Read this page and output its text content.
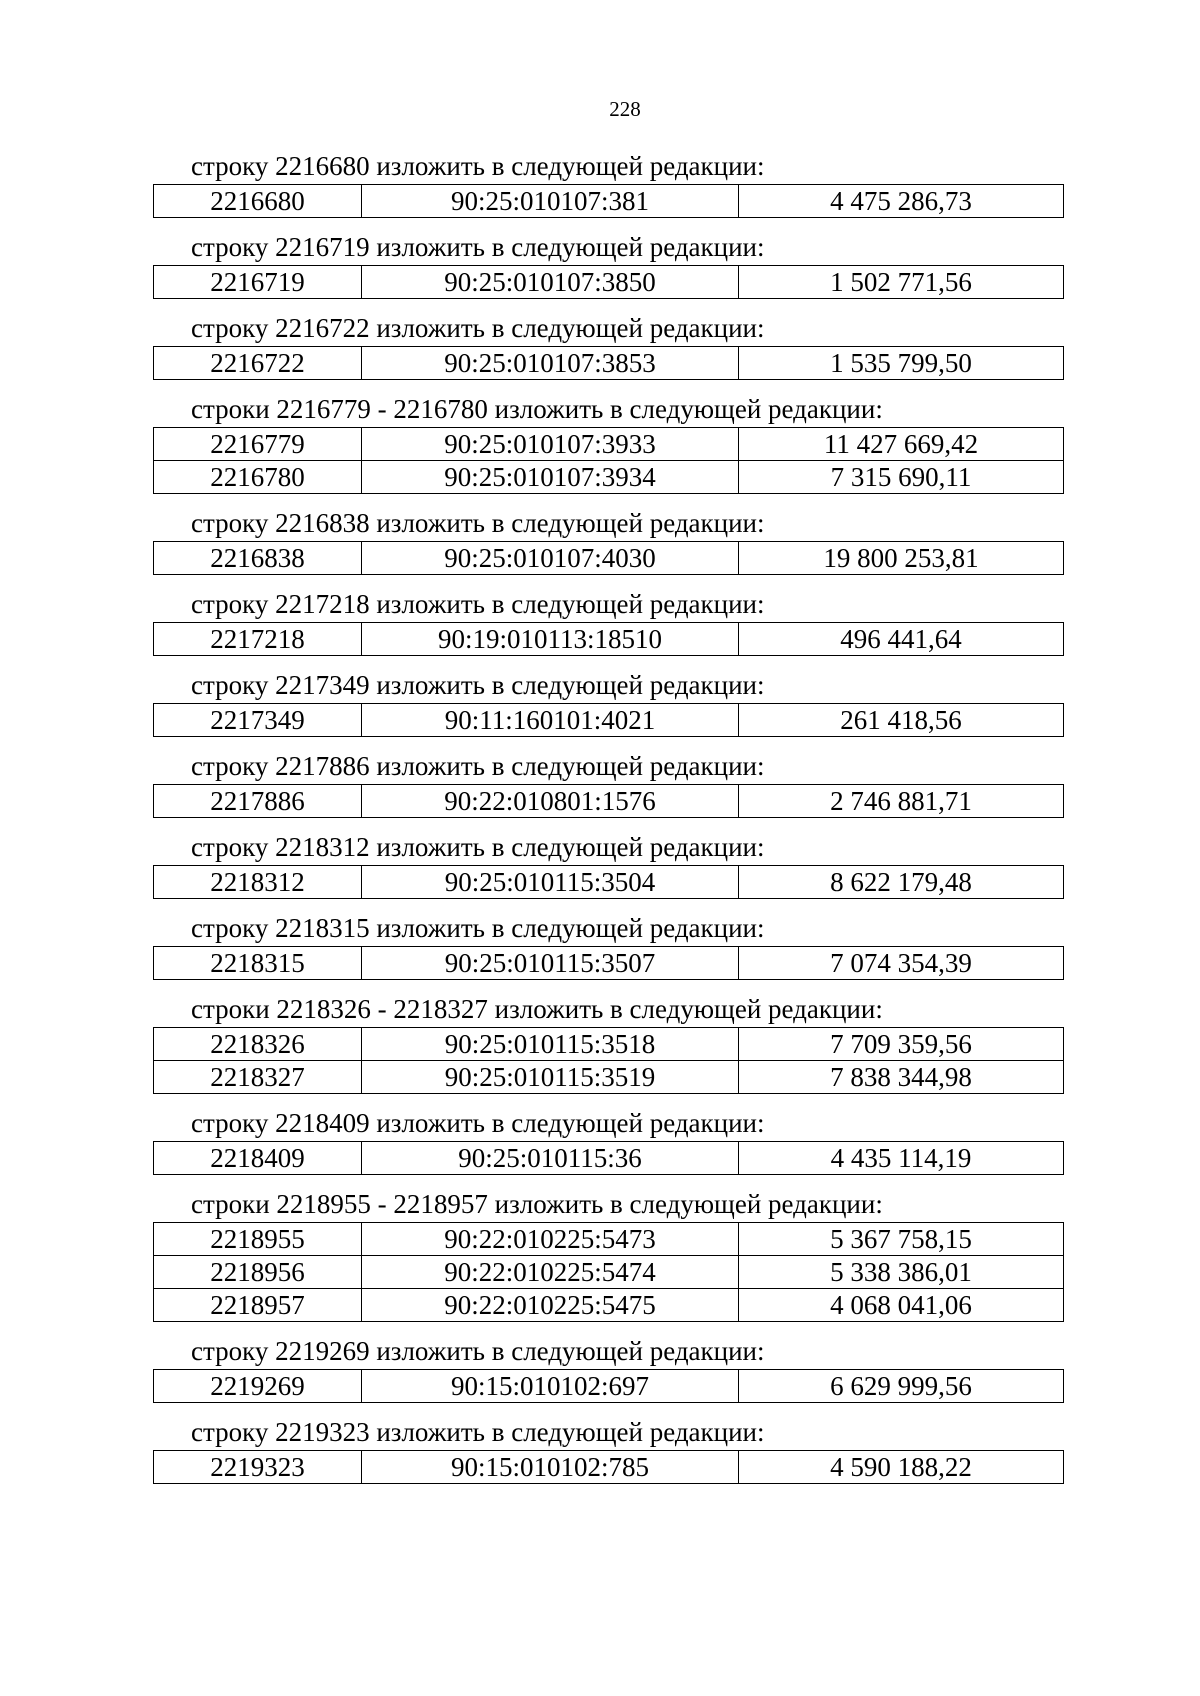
228
строку 2216680 изложить в следующей редакции:
2216680	90:25:010107:381	4 475 286,73
строку 2216719 изложить в следующей редакции:
2216719	90:25:010107:3850	1 502 771,56
строку 2216722 изложить в следующей редакции:
2216722	90:25:010107:3853	1 535 799,50
строки 2216779 - 2216780 изложить в следующей редакции:
2216779	90:25:010107:3933	11 427 669,42
2216780	90:25:010107:3934	7 315 690,11
строку 2216838 изложить в следующей редакции:
2216838	90:25:010107:4030	19 800 253,81
строку 2217218 изложить в следующей редакции:
2217218	90:19:010113:18510	496 441,64
строку 2217349 изложить в следующей редакции:
2217349	90:11:160101:4021	261 418,56
строку 2217886 изложить в следующей редакции:
2217886	90:22:010801:1576	2 746 881,71
строку 2218312 изложить в следующей редакции:
2218312	90:25:010115:3504	8 622 179,48
строку 2218315 изложить в следующей редакции:
2218315	90:25:010115:3507	7 074 354,39
строки 2218326 - 2218327 изложить в следующей редакции:
2218326	90:25:010115:3518	7 709 359,56
2218327	90:25:010115:3519	7 838 344,98
строку 2218409 изложить в следующей редакции:
2218409	90:25:010115:36	4 435 114,19
строки 2218955 - 2218957 изложить в следующей редакции:
2218955	90:22:010225:5473	5 367 758,15
2218956	90:22:010225:5474	5 338 386,01
2218957	90:22:010225:5475	4 068 041,06
строку 2219269 изложить в следующей редакции:
2219269	90:15:010102:697	6 629 999,56
строку 2219323 изложить в следующей редакции:
2219323	90:15:010102:785	4 590 188,22
